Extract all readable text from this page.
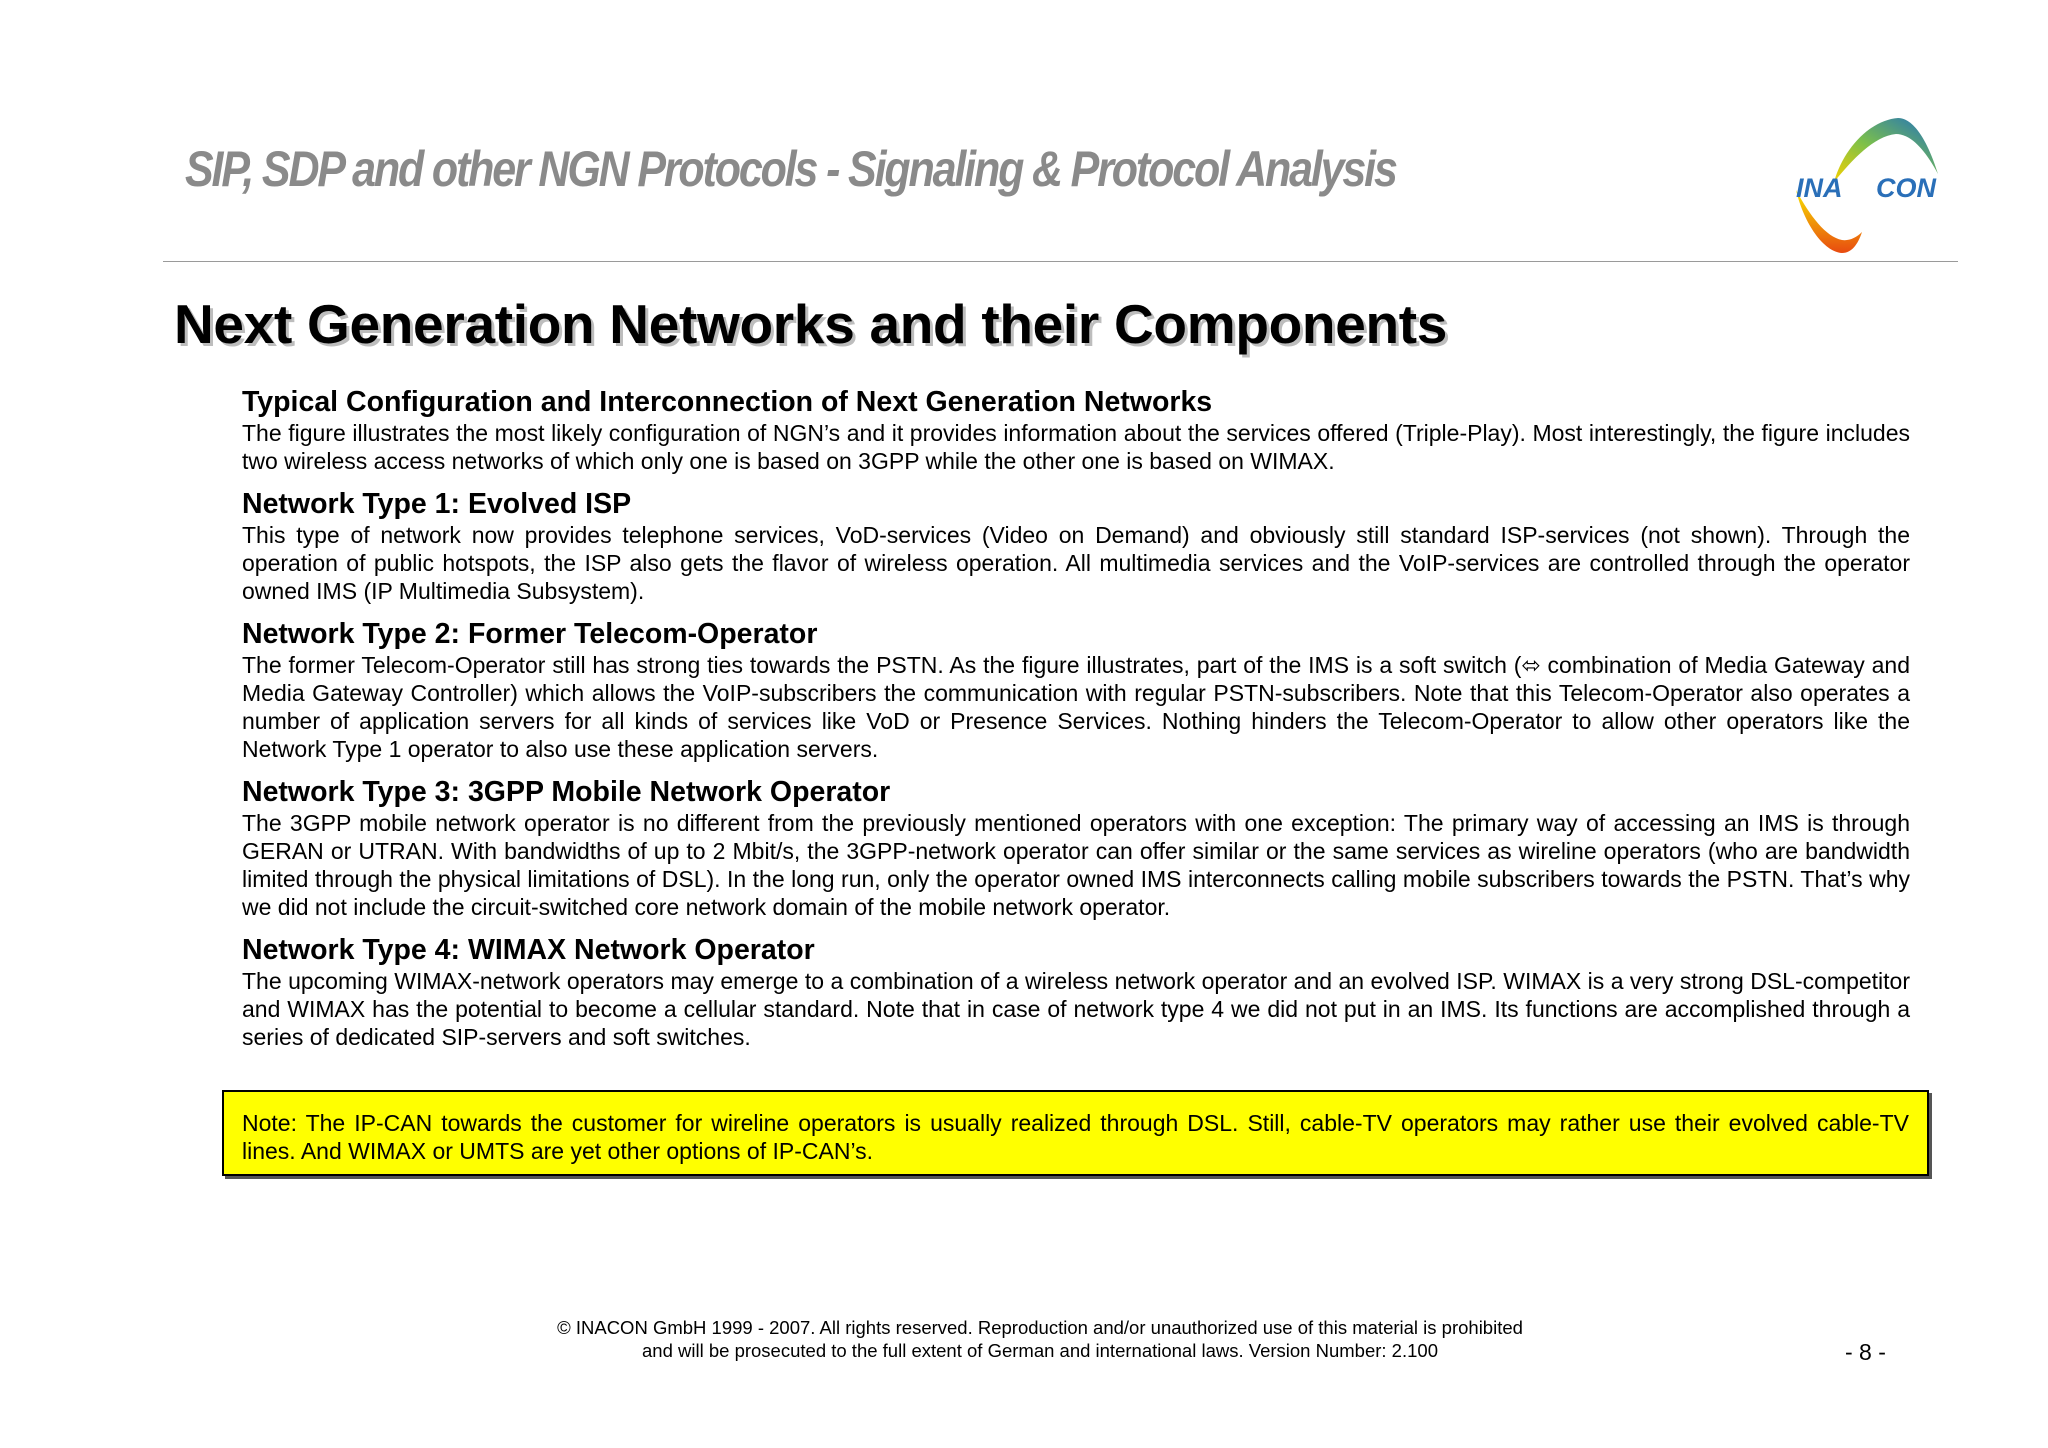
SIP, SDP and other NGN Protocols - Signaling & Protocol Analysis	INA CON
Next Generation Networks and their Components
Typical Configuration and Interconnection of Next Generation Networks
The figure illustrates the most likely configuration of NGN’s and it provides information about the services offered (Triple-Play). Most interestingly, the figure includes two wireless access networks of which only one is based on 3GPP while the other one is based on WIMAX.
Network Type 1: Evolved ISP
This type of network now provides telephone services, VoD-services (Video on Demand) and obviously still standard ISP-services (not shown). Through the operation of public hotspots, the ISP also gets the flavor of wireless operation. All multimedia services and the VoIP-services are controlled through the operator owned IMS (IP Multimedia Subsystem).
Network Type 2: Former Telecom-Operator
The former Telecom-Operator still has strong ties towards the PSTN. As the figure illustrates, part of the IMS is a soft switch (⬄ combination of Media Gateway and Media Gateway Controller) which allows the VoIP-subscribers the communication with regular PSTN-subscribers. Note that this Telecom-Operator also operates a number of application servers for all kinds of services like VoD or Presence Services. Nothing hinders the Telecom-Operator to allow other operators like the Network Type 1 operator to also use these application servers.
Network Type 3: 3GPP Mobile Network Operator
The 3GPP mobile network operator is no different from the previously mentioned operators with one exception: The primary way of accessing an IMS is through GERAN or UTRAN. With bandwidths of up to 2 Mbit/s, the 3GPP-network operator can offer similar or the same services as wireline operators (who are bandwidth limited through the physical limitations of DSL). In the long run, only the operator owned IMS interconnects calling mobile subscribers towards the PSTN. That’s why we did not include the circuit-switched core network domain of the mobile network operator.
Network Type 4: WIMAX Network Operator
The upcoming WIMAX-network operators may emerge to a combination of a wireless network operator and an evolved ISP. WIMAX is a very strong DSL-competitor and WIMAX has the potential to become a cellular standard. Note that in case of network type 4 we did not put in an IMS. Its functions are accomplished through a series of dedicated SIP-servers and soft switches.
Note: The IP-CAN towards the customer for wireline operators is usually realized through DSL. Still, cable-TV operators may rather use their evolved cable-TV lines. And WIMAX or UMTS are yet other options of IP-CAN’s.
© INACON GmbH 1999 - 2007. All rights reserved. Reproduction and/or unauthorized use of this material is prohibited
and will be prosecuted to the full extent of German and international laws. Version Number: 2.100	- 8 -
